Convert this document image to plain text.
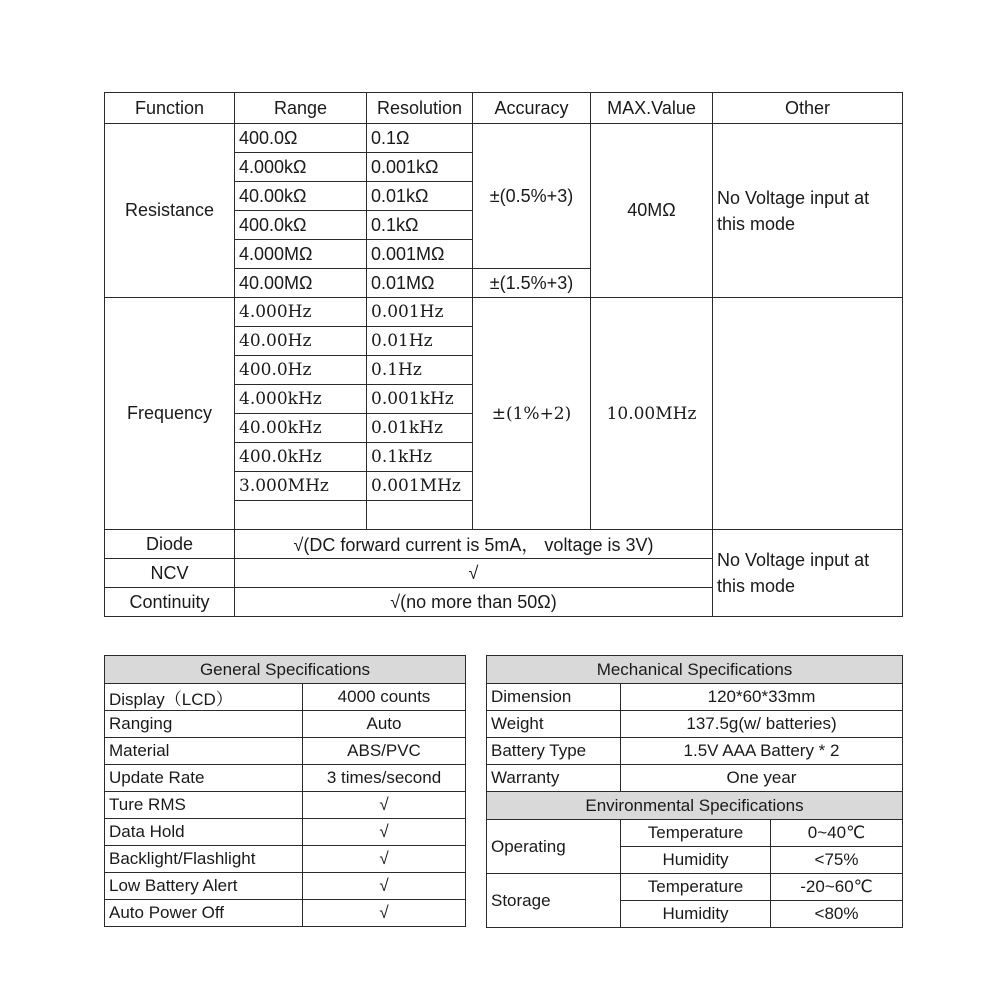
Function	Range	Resolution	Accuracy	MAX.Value	Other
Resistance	400.0Ω	0.1Ω	±(0.5%+3)	40MΩ	No Voltage input at this mode
	4.000kΩ	0.001kΩ			
	40.00kΩ	0.01kΩ			
	400.0kΩ	0.1kΩ			
	4.000MΩ	0.001MΩ			
	40.00MΩ	0.01MΩ	±(1.5%+3)		
Frequency	4.000Hz	0.001Hz	±(1%+2)	10.00MHz	
	40.00Hz	0.01Hz			
	400.0Hz	0.1Hz			
	4.000kHz	0.001kHz			
	40.00kHz	0.01kHz			
	400.0kHz	0.1kHz			
	3.000MHz	0.001MHz			

Diode	√(DC forward current is 5mA， voltage is 3V)				No Voltage input at this mode
NCV	√				
Continuity	√(no more than 50Ω)				
General Specifications	
Display（LCD）	4000 counts
Ranging	Auto
Material	ABS/PVC
Update Rate	3 times/second
Ture RMS	√
Data Hold	√
Backlight/Flashlight	√
Low Battery Alert	√
Auto Power Off	√
Mechanical Specifications		
Dimension	120*60*33mm	
Weight	137.5g(w/ batteries)	
Battery Type	1.5V AAA Battery * 2	
Warranty	One year	
Environmental Specifications		
Operating	Temperature	0~40℃
	Humidity	<75%
Storage	Temperature	-20~60℃
	Humidity	<80%
